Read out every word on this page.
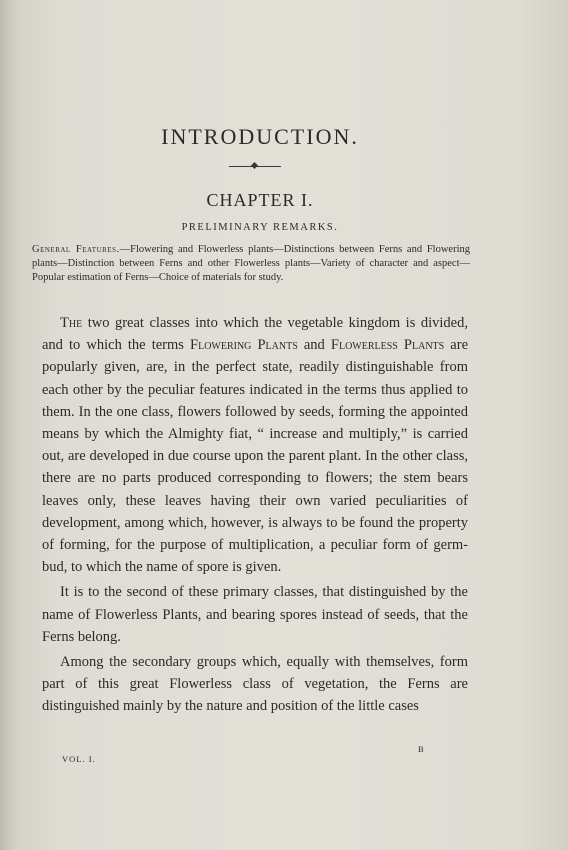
INTRODUCTION.
CHAPTER I.
PRELIMINARY REMARKS.
General Features.—Flowering and Flowerless plants—Distinctions between Ferns and Flowering plants—Distinction between Ferns and other Flowerless plants—Variety of character and aspect—Popular estimation of Ferns—Choice of materials for study.

The two great classes into which the vegetable kingdom is divided, and to which the terms Flowering Plants and Flowerless Plants are popularly given, are, in the perfect state, readily distinguishable from each other by the peculiar features indicated in the terms thus applied to them. In the one class, flowers followed by seeds, forming the appointed means by which the Almighty fiat, “ increase and multiply,” is carried out, are developed in due course upon the parent plant. In the other class, there are no parts produced corresponding to flowers; the stem bears leaves only, these leaves having their own varied peculiarities of development, among which, however, is always to be found the property of forming, for the purpose of multiplication, a peculiar form of germ-bud, to which the name of spore is given.

It is to the second of these primary classes, that distinguished by the name of Flowerless Plants, and bearing spores instead of seeds, that the Ferns belong.

Among the secondary groups which, equally with themselves, form part of this great Flowerless class of vegetation, the Ferns are distinguished mainly by the nature and position of the little cases

VOL. I.
B
